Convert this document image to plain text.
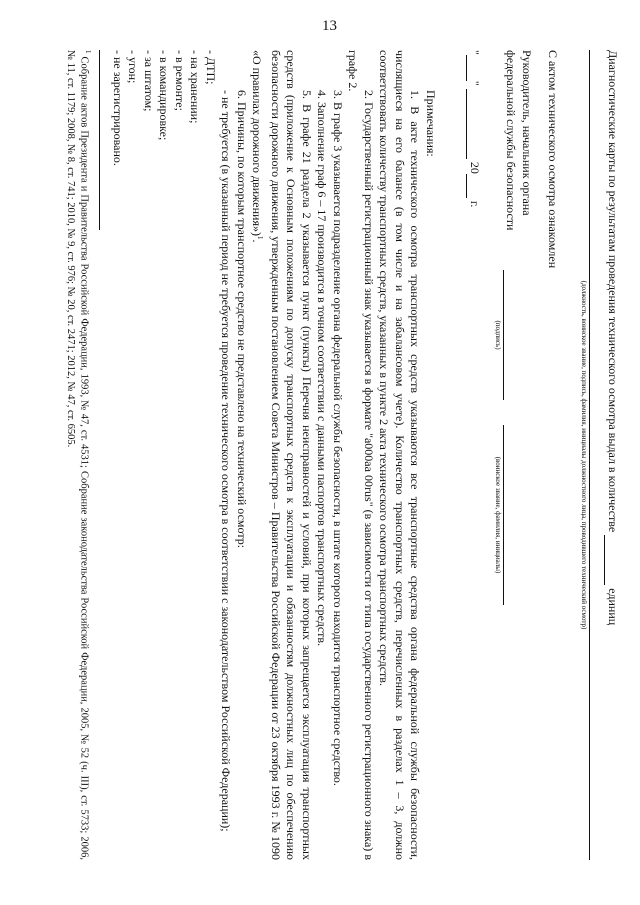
13
Диагностические карты по результатам проведения технического осмотра выдал в количестве  единиц
(должность, воинское звание, подпись, фамилия, инициалы должностного лица, проводившего технический осмотр)

С актом технического осмотра ознакомлен

Руководитель, начальник органа

федеральной службы безопасности

(подпись)
(воинское звание, фамилия, инициалы)

""  20 г.

Примечания:

1. В акте технического осмотра транспортных средств указываются все транспортные средства органа федеральной службы безопасности, числящиеся на его балансе (в том числе и на забалансовом учете). Количество транспортных средств, перечисленных в разделах 1 – 3, должно соответствовать количеству транспортных средств, указанных в пункте 2 акта технического осмотра транспортных средств.

2. Государственный регистрационный знак указывается в формате "а000аа 00rus" (в зависимости от типа государственного регистрационного знака) в графе 2.

3. В графе 3 указывается подразделение органа федеральной службы безопасности, в штате которого находится транспортное средство.

4. Заполнение граф 6 – 17 производится в точном соответствии с данными паспортов транспортных средств.

5. В графе 21 раздела 2 указывается пункт (пункты) Перечня неисправностей и условий, при которых запрещается эксплуатация транспортных средств (приложение к Основным положениям по допуску транспортных средств к эксплуатации и обязанностям должностных лиц по обеспечению безопасности дорожного движения, утвержденным постановлением Совета Министров – Правительства Российской Федерации от 23 октября 1993 г. № 1090 «О правилах дорожного движения»)$^1$.

6. Причины, по которым транспортное средство не представлено на технический осмотр:

- не требуется (в указанный период не требуется проведение технического осмотра в соответствии с законодательством Российской Федерации);

- ДТП;

- на хранении;

- в ремонте;

- в командировке;

- за штатом;

- угон;

- не зарегистрировано.

$^1$ Собрание актов Президента и Правительства Российской Федерации, 1993, № 47, ст. 4531; Собрание законодательства Российской Федерации, 2005, № 52 (ч. III), ст. 5733; 2006, № 11, ст. 1179; 2008, № 8, ст. 741; 2010, № 9, ст. 976; № 20, ст. 2471; 2012, № 47, ст. 6505.
